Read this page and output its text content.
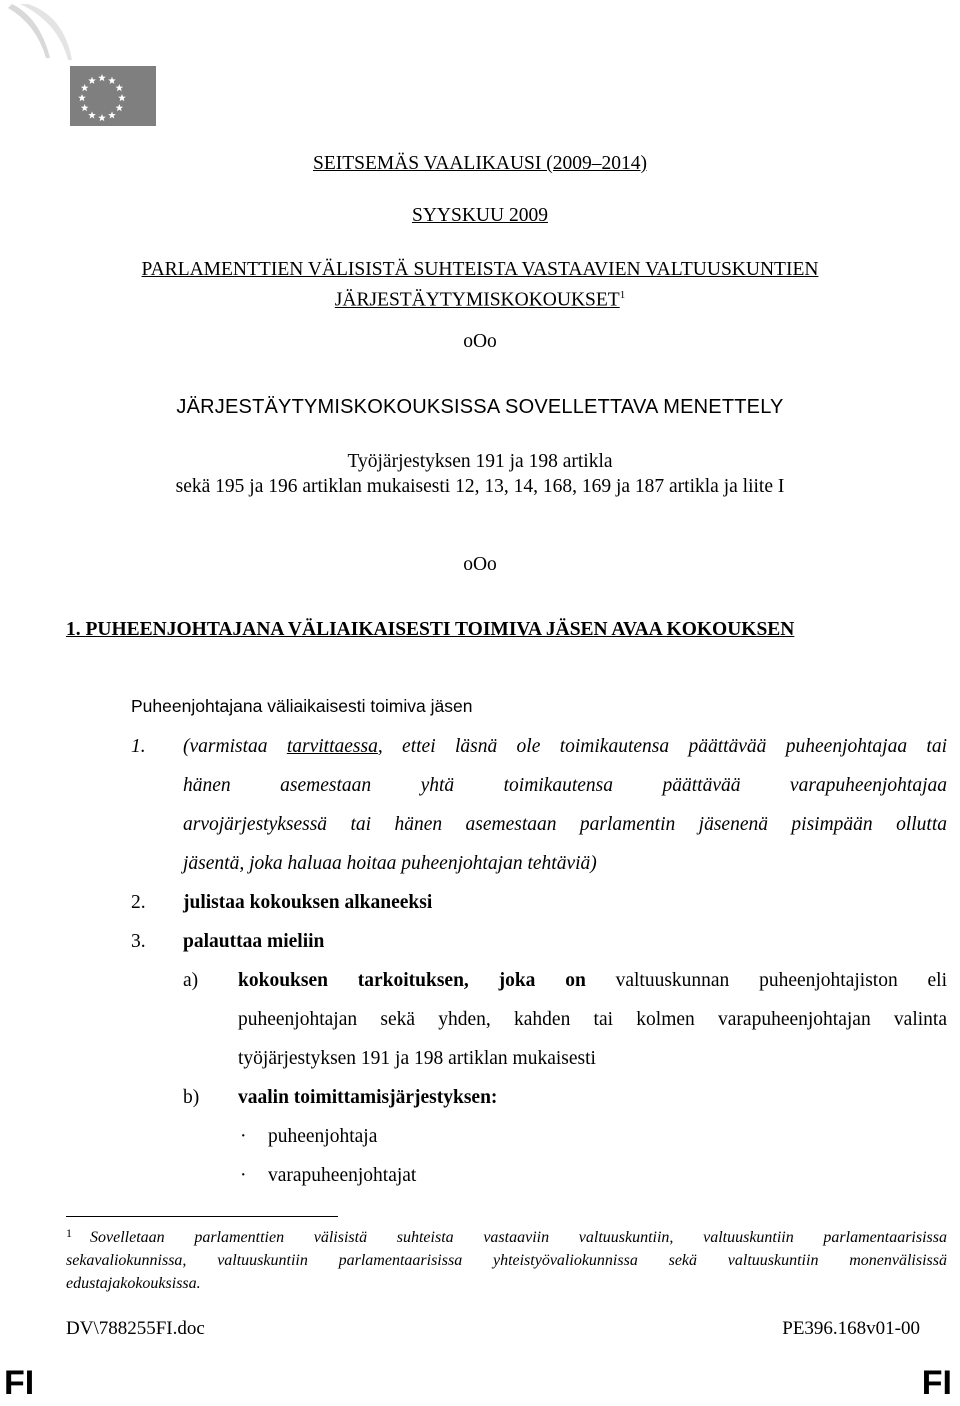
SEITSEMÄS VAALIKAUSI (2009–2014)
SYYSKUU 2009
PARLAMENTTIEN VÄLISISTÄ SUHTEISTA VASTAAVIEN VALTUUSKUNTIEN
JÄRJESTÄYTYMISKOKOUKSET$^1$
oOo
JÄRJESTÄYTYMISKOKOUKSISSA SOVELLETTAVA MENETTELY
Työjärjestyksen 191 ja 198 artikla
sekä 195 ja 196 artiklan mukaisesti 12, 13, 14, 168, 169 ja 187 artikla ja liite I
oOo
1. PUHEENJOHTAJANA VÄLIAIKAISESTI TOIMIVA JÄSEN AVAA KOKOUKSEN
Puheenjohtajana väliaikaisesti toimiva jäsen
1. (varmistaa tarvittaessa, ettei läsnä ole toimikautensa päättävää puheenjohtajaa tai
hänen asemestaan yhtä toimikautensa päättävää varapuheenjohtajaa
arvojärjestyksessä tai hänen asemestaan parlamentin jäsenenä pisimpään ollutta
jäsentä, joka haluaa hoitaa puheenjohtajan tehtäviä)
2. julistaa kokouksen alkaneeksi
3. palauttaa mieliin
a) kokouksen tarkoituksen, joka on valtuuskunnan puheenjohtajiston eli
puheenjohtajan sekä yhden, kahden tai kolmen varapuheenjohtajan valinta
työjärjestyksen 191 ja 198 artiklan mukaisesti
b) vaalin toimittamisjärjestyksen:
· puheenjohtaja
· varapuheenjohtajat
1 Sovelletaan parlamenttien välisistä suhteista vastaaviin valtuuskuntiin, valtuuskuntiin parlamentaarisissa
sekavaliokunnissa, valtuuskuntiin parlamentaarisissa yhteistyövaliokunnissa sekä valtuuskuntiin monenvälisissä
edustajakokouksissa.
DV\788255FI.doc	PE396.168v01-00
FI	FI
